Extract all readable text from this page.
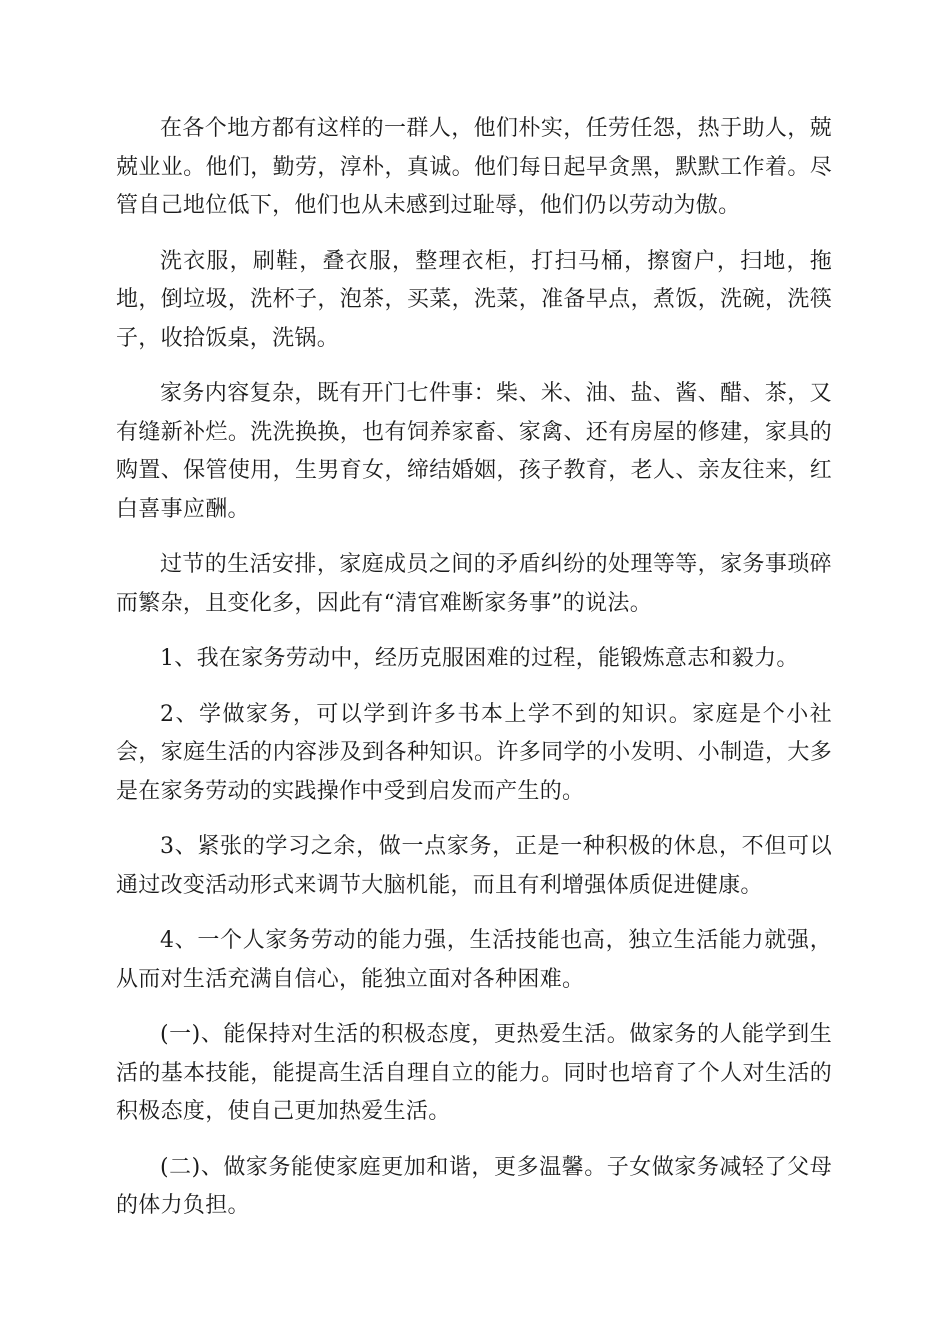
在各个地方都有这样的一群人，他们朴实，任劳任怨，热于助人，兢兢业业。他们，勤劳，淳朴，真诚。他们每日起早贪黑，默默工作着。尽管自己地位低下，他们也从未感到过耻辱，他们仍以劳动为傲。

洗衣服，刷鞋，叠衣服，整理衣柜，打扫马桶，擦窗户，扫地，拖地，倒垃圾，洗杯子，泡茶，买菜，洗菜，准备早点，煮饭，洗碗，洗筷子，收拾饭桌，洗锅。

家务内容复杂，既有开门七件事：柴、米、油、盐、酱、醋、茶，又有缝新补烂。洗洗换换，也有饲养家畜、家禽、还有房屋的修建，家具的购置、保管使用，生男育女，缔结婚姻，孩子教育，老人、亲友往来，红白喜事应酬。

过节的生活安排，家庭成员之间的矛盾纠纷的处理等等，家务事琐碎而繁杂，且变化多，因此有“清官难断家务事”的说法。

1、我在家务劳动中，经历克服困难的过程，能锻炼意志和毅力。

2、学做家务，可以学到许多书本上学不到的知识。家庭是个小社会，家庭生活的内容涉及到各种知识。许多同学的小发明、小制造，大多是在家务劳动的实践操作中受到启发而产生的。

3、紧张的学习之余，做一点家务，正是一种积极的休息，不但可以通过改变活动形式来调节大脑机能，而且有利增强体质促进健康。

4、一个人家务劳动的能力强，生活技能也高，独立生活能力就强，从而对生活充满自信心，能独立面对各种困难。

(一)、能保持对生活的积极态度，更热爱生活。做家务的人能学到生活的基本技能，能提高生活自理自立的能力。同时也培育了个人对生活的积极态度，使自己更加热爱生活。

(二)、做家务能使家庭更加和谐，更多温馨。子女做家务减轻了父母的体力负担。
